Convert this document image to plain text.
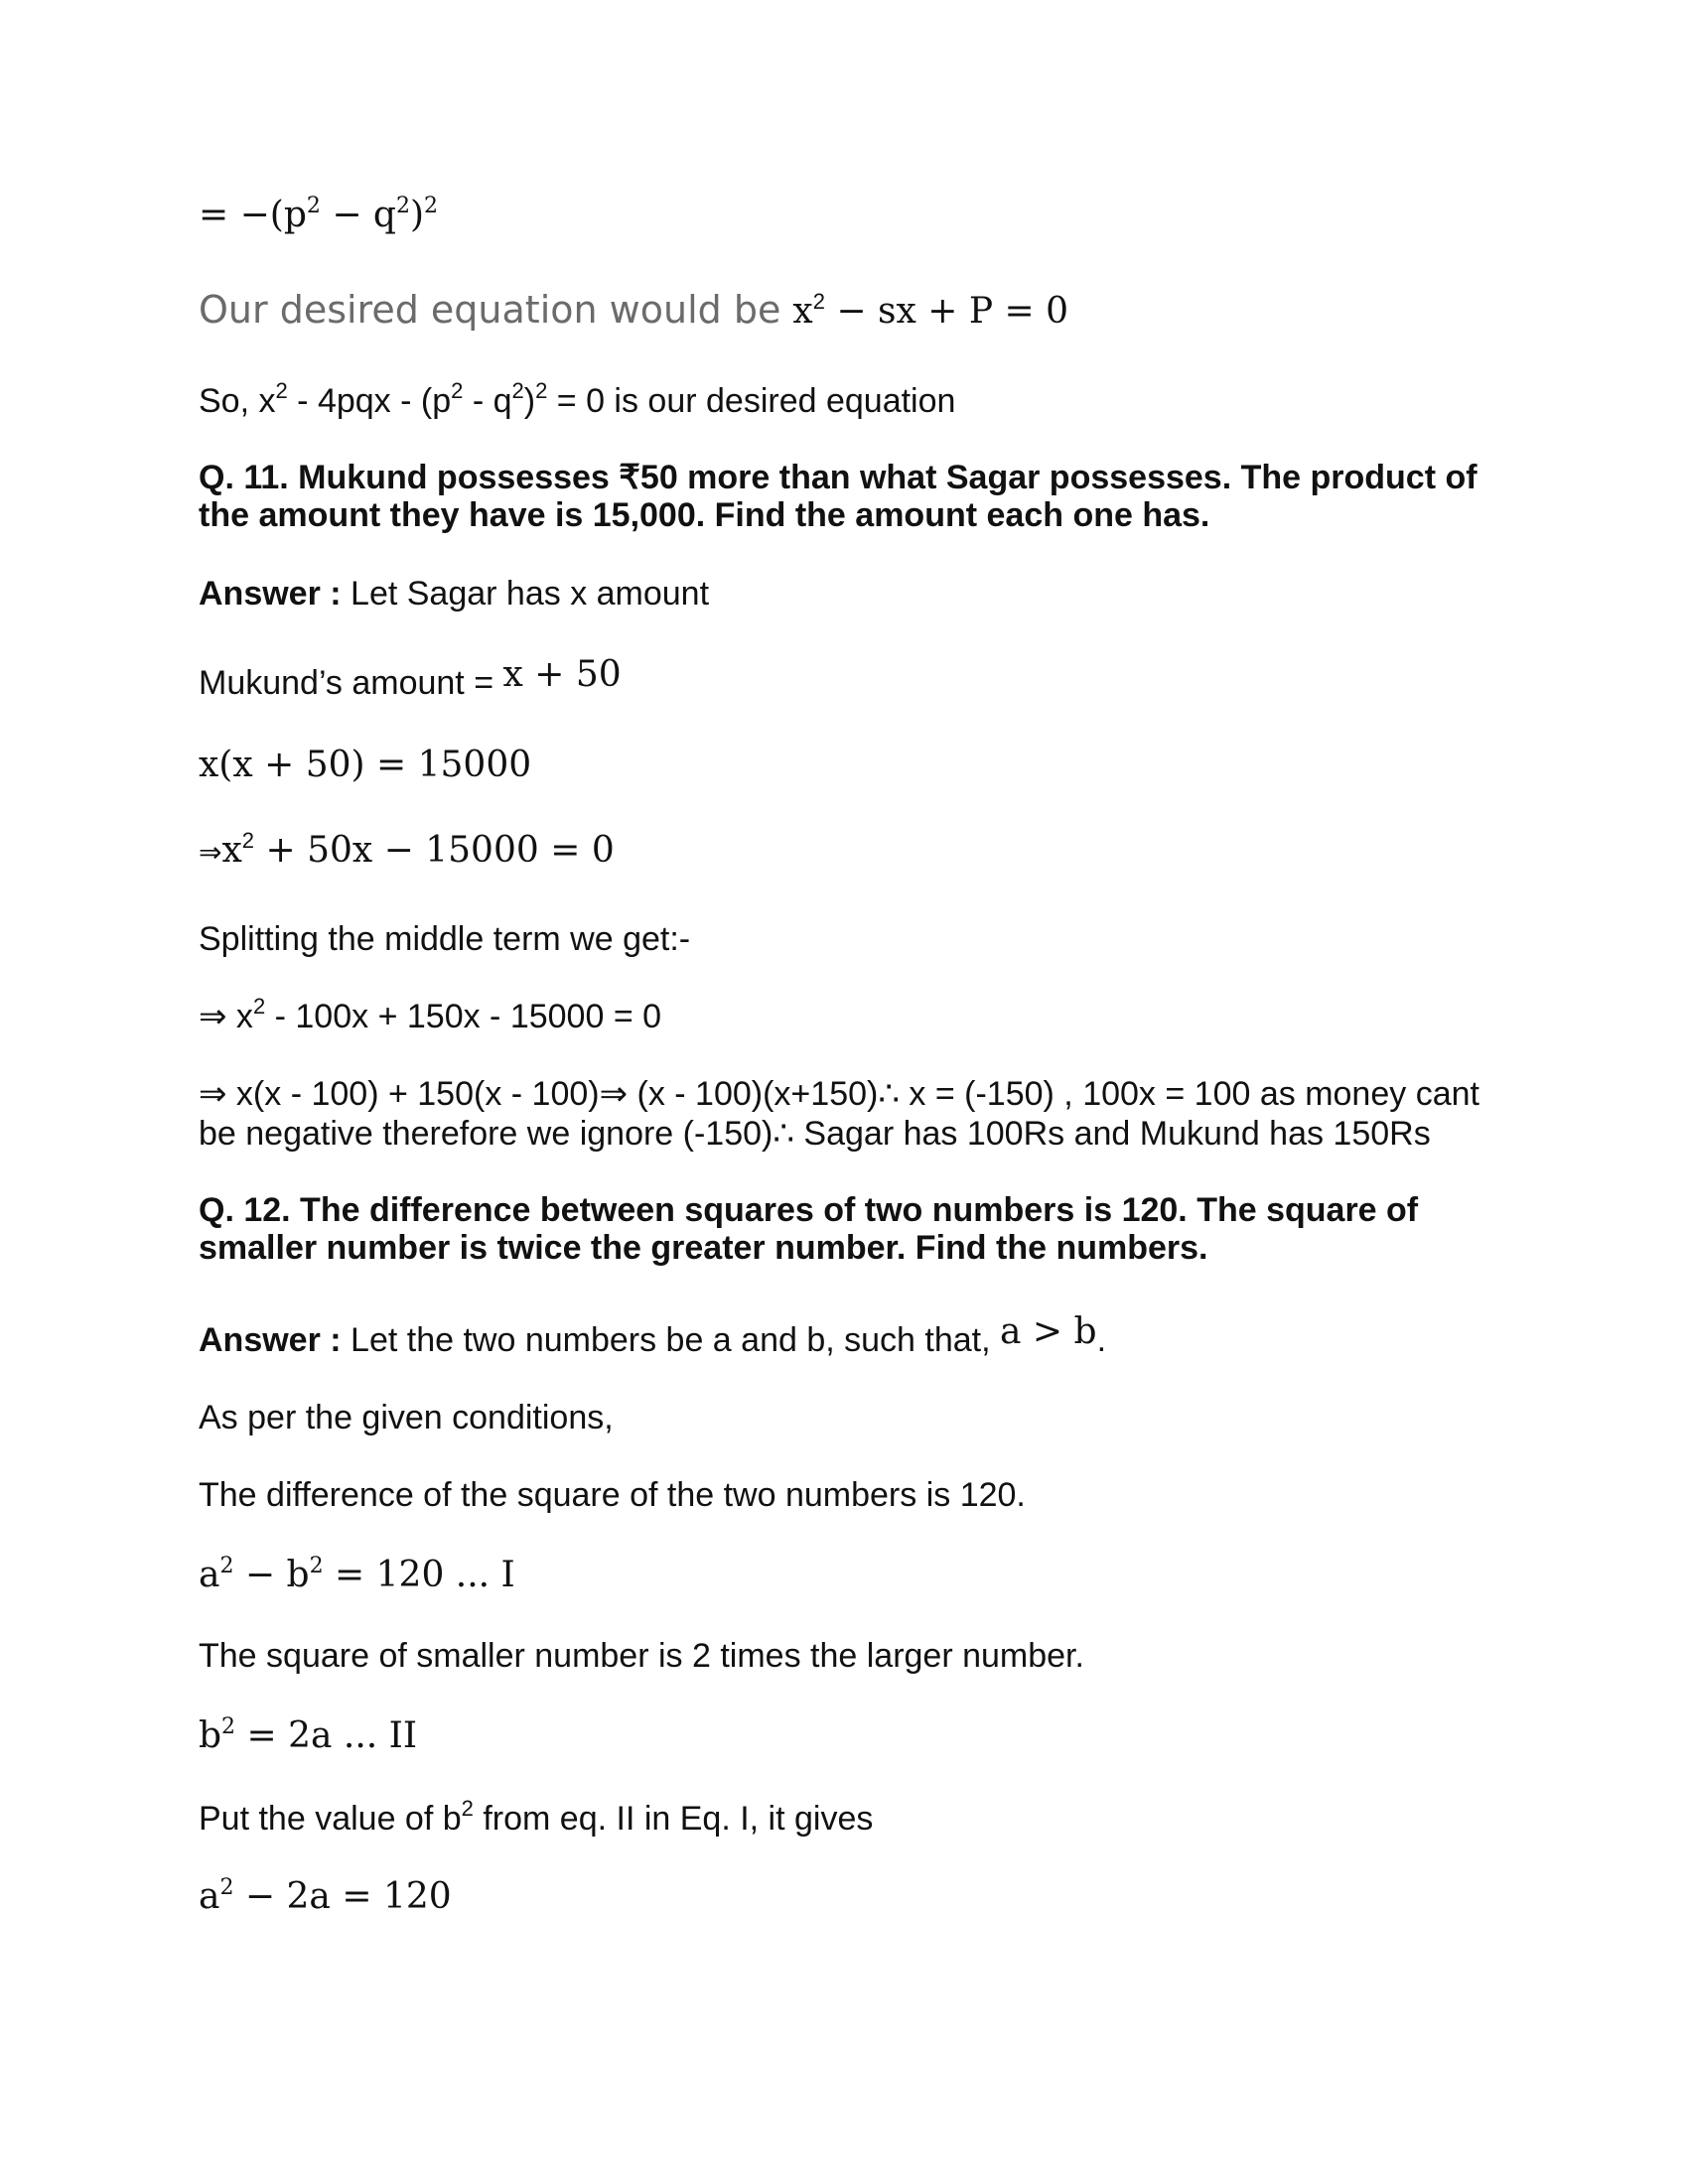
= $-(p^2 - q^2)^2$
Our desired equation would be $x^2$ − sx + P = 0
So, $x^2 - 4pqx - (p^2 - q^2)^2 = 0$ is our desired equation
Q. 11. Mukund possesses ₹50 more than what Sagar possesses. The product of the amount they have is 15,000. Find the amount each one has.
Answer : Let Sagar has x amount
Mukund’s amount = x + 50
x(x + 50) = 15000
$\Rightarrow x^2 + 50x - 15000 = 0$
Splitting the middle term we get:-
⇒ $x^2 - 100x + 150x - 15000 = 0$
⇒ x(x - 100) + 150(x - 100)⇒ (x - 100)(x+150)∴ x = (-150) , 100x = 100 as money cant be negative therefore we ignore (-150)∴ Sagar has 100Rs and Mukund has 150Rs
Q. 12. The difference between squares of two numbers is 120. The square of smaller number is twice the greater number. Find the numbers.
Answer : Let the two numbers be a and b, such that, a > b.
As per the given conditions,
The difference of the square of the two numbers is 120.
$a^2 - b^2 = 120$ ... I
The square of smaller number is 2 times the larger number.
$b^2 = 2a$ ... II
Put the value of $b^2$ from eq. II in Eq. I, it gives
$a^2 - 2a = 120$
